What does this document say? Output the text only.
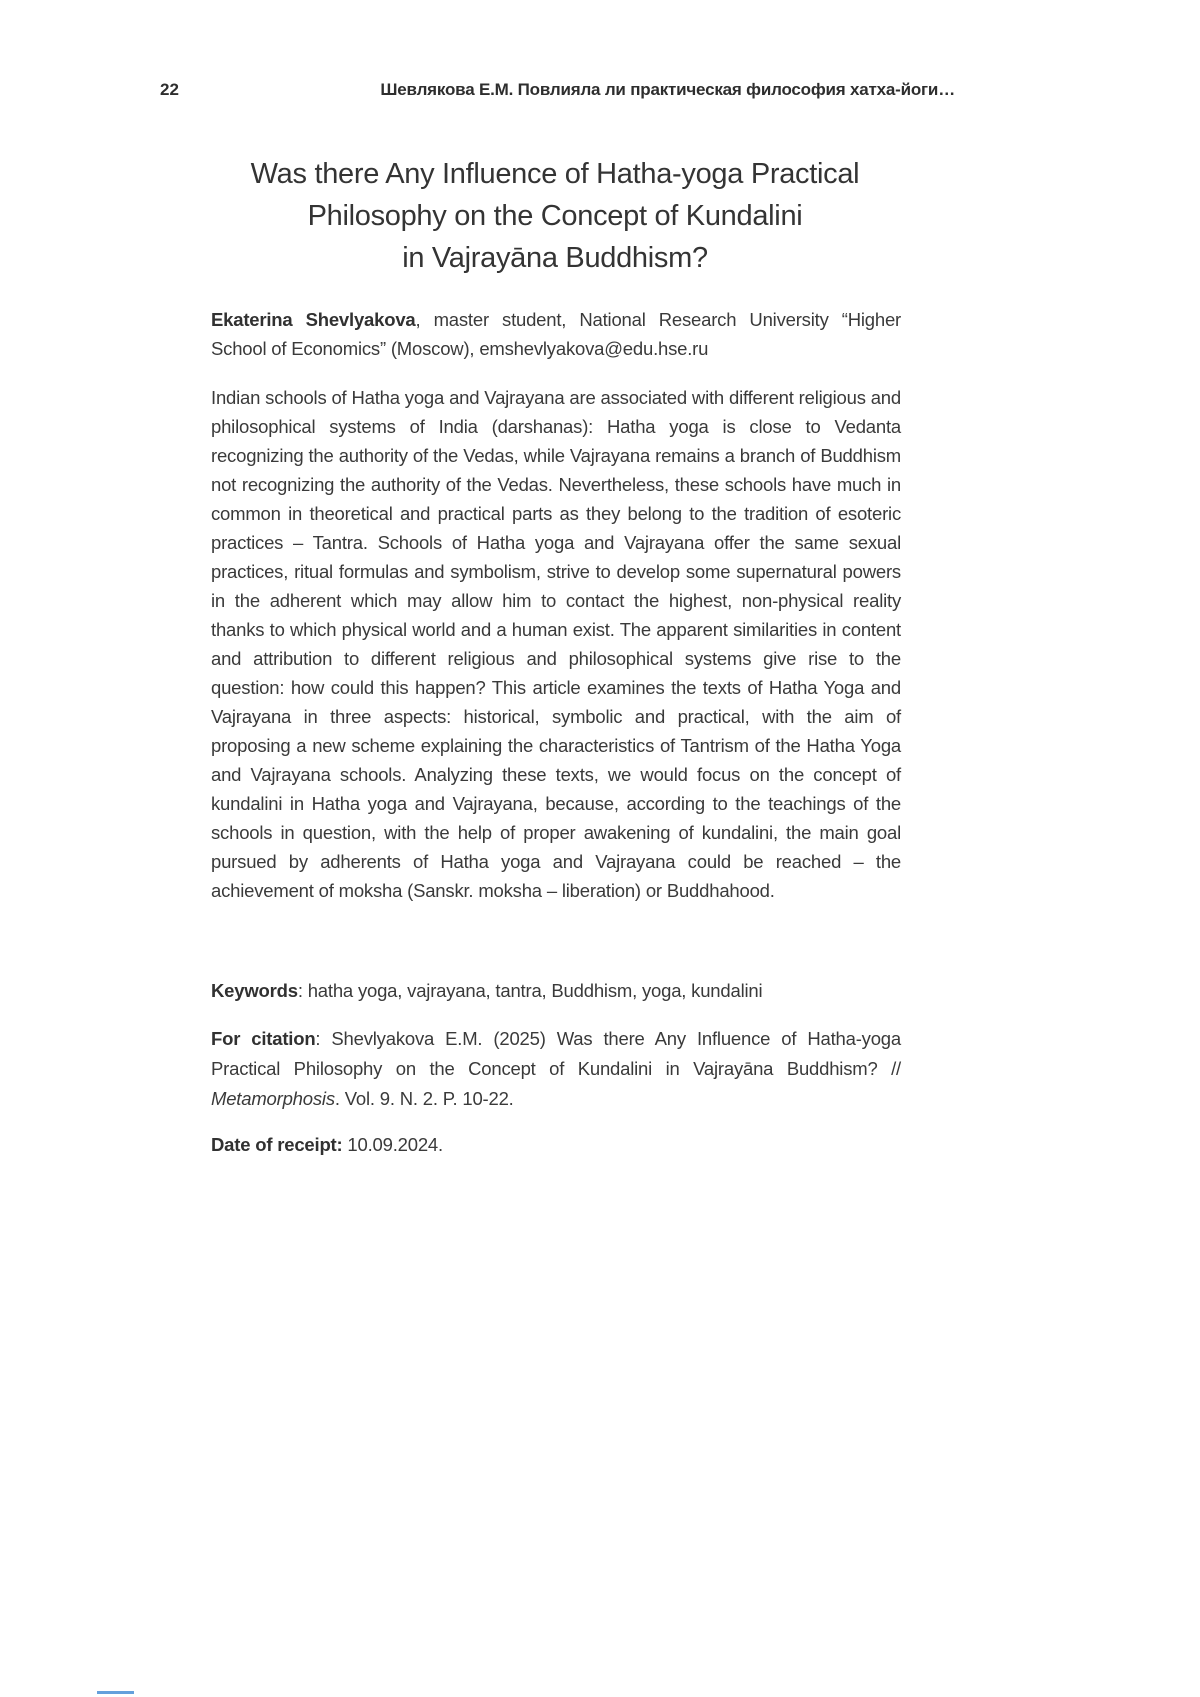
22	Шевлякова Е.М. Повлияла ли практическая философия хатха-йоги…
Was there Any Influence of Hatha-yoga Practical
Philosophy on the Concept of Kundalini
in Vajrayāna Buddhism?

Ekaterina Shevlyakova, master student, National Research University “Higher School of Economics” (Moscow), emshevlyakova@edu.hse.ru

Indian schools of Hatha yoga and Vajrayana are associated with different religious and philosophical systems of India (darshanas): Hatha yoga is close to Vedanta recognizing the authority of the Vedas, while Vajrayana remains a branch of Buddhism not recognizing the authority of the Vedas. Nevertheless, these schools have much in common in theoretical and practical parts as they belong to the tradition of esoteric practices – Tantra. Schools of Hatha yoga and Vajrayana offer the same sexual practices, ritual formulas and symbolism, strive to develop some supernatural powers in the adherent which may allow him to contact the highest, non-physical reality thanks to which physical world and a human exist. The apparent similarities in content and attribution to different religious and philosophical systems give rise to the question: how could this happen? This article examines the texts of Hatha Yoga and Vajrayana in three aspects: historical, symbolic and practical, with the aim of proposing a new scheme explaining the characteristics of Tantrism of the Hatha Yoga and Vajrayana schools. Analyzing these texts, we would focus on the concept of kundalini in Hatha yoga and Vajrayana, because, according to the teachings of the schools in question, with the help of proper awakening of kundalini, the main goal pursued by adherents of Hatha yoga and Vajrayana could be reached – the achievement of moksha (Sanskr. moksha – liberation) or Buddhahood.

Keywords: hatha yoga, vajrayana, tantra, Buddhism, yoga, kundalini

For citation: Shevlyakova E.M. (2025) Was there Any Influence of Hatha-yoga Practical Philosophy on the Concept of Kundalini in Vajrayāna Buddhism? // Metamorphosis. Vol. 9. N. 2. P. 10-22.

Date of receipt: 10.09.2024.
